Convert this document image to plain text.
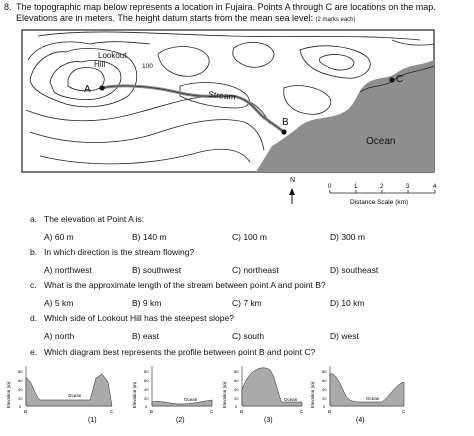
8. The topographic map below represents a location in Fujaira. Points A through C are locations on the map.
Elevations are in meters. The height datum starts from the mean sea level: (2 marks each)
Lookout
Hill	100
A	Stream
B
C
Ocean
N
0	1	2	3	4
Distance Scale (km)
a. The elevation at Point A is:
A) 60 m	B) 140 m	C) 100 m	D) 300 m
b. In which direction is the stream flowing?
A) northwest	B) southwest	C) northeast	D) southeast
c. What is the approximate length of the stream between point A and point B?
A) 5 km	B) 9 km	C) 7 km	D) 10 km
d. Which side of Lookout Hill has the steepest slope?
A) north	B) east	C) south	D) west
e. Which diagram best represents the profile between point B and point C?
Elevation (m)
80
60
40
20
0
Ocean
B	C
(1)
Elevation (m)
80
60
40
20
0
Ocean
B	C
(2)
Elevation (m)
80
60
40
20
0
Ocean
B	C
(3)
Elevation (m)
80
60
40
20
0
Ocean
B	C
(4)
